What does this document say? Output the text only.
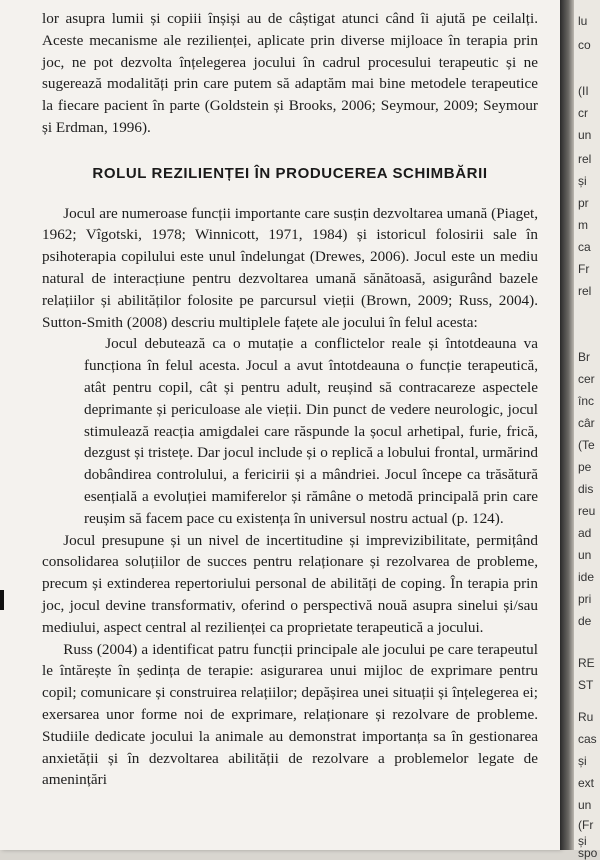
lor asupra lumii și copiii înșiși au de câștigat atunci când îi ajută pe ceilalți. Aceste mecanisme ale rezilienței, aplicate prin diverse mijloace în terapia prin joc, ne pot dezvolta înțelegerea jocului în cadrul procesului terapeutic și ne sugerează modalități prin care putem să adaptăm mai bine metodele terapeutice la fiecare pacient în parte (Goldstein și Brooks, 2006; Seymour, 2009; Seymour și Erdman, 1996).

ROLUL REZILIENȚEI ÎN PRODUCEREA SCHIMBĂRII

Jocul are numeroase funcții importante care susțin dezvoltarea umană (Piaget, 1962; Vîgotski, 1978; Winnicott, 1971, 1984) și istoricul folosirii sale în psihoterapia copilului este unul îndelungat (Drewes, 2006). Jocul este un mediu natural de interacțiune pentru dezvoltarea umană sănătoasă, asigurând bazele relațiilor și abilităților folosite pe parcursul vieții (Brown, 2009; Russ, 2004). Sutton-Smith (2008) descriu multiplele fațete ale jocului în felul acesta:

Jocul debutează ca o mutație a conflictelor reale și întotdeauna va funcționa în felul acesta. Jocul a avut întotdeauna o funcție terapeutică, atât pentru copil, cât și pentru adult, reușind să contracareze aspectele deprimante și periculoase ale vieții. Din punct de vedere neurologic, jocul stimulează reacția amigdalei care răspunde la șocul arhetipal, furie, frică, dezgust și tristețe. Dar jocul include și o replică a lobului frontal, urmărind dobândirea controlului, a fericirii și a mândriei. Jocul începe ca trăsătură esențială a evoluției mamiferelor și rămâne o metodă principală prin care reușim să facem pace cu existența în universul nostru actual (p. 124).

Jocul presupune și un nivel de incertitudine și imprevizibilitate, permițând consolidarea soluțiilor de succes pentru relaționare și rezolvarea de probleme, precum și extinderea repertoriului personal de abilități de coping. În terapia prin joc, jocul devine transformativ, oferind o perspectivă nouă asupra sinelui și/sau mediului, aspect central al rezilienței ca proprietate terapeutică a jocului.

Russ (2004) a identificat patru funcții principale ale jocului pe care terapeutul le întărește în ședința de terapie: asigurarea unui mijloc de exprimare pentru copil; comunicare și construirea relațiilor; depășirea unei situații și înțelegerea ei; exersarea unor forme noi de exprimare, relaționare și rezolvare de probleme. Studiile dedicate jocului la animale au demonstrat importanța sa în gestionarea anxietății și în dezvoltarea abilității de rezolvare a problemelor legate de amenințări

lu
co
(II
cr
un
rel
și
pr
m
ca
Fr
rel
Br
cer
înc
câr
(Te
pe
dis
reu
ad
un
ide
pri
de
RE
ST
Ru
cas
și
ext
un
(Fr
și
spo
